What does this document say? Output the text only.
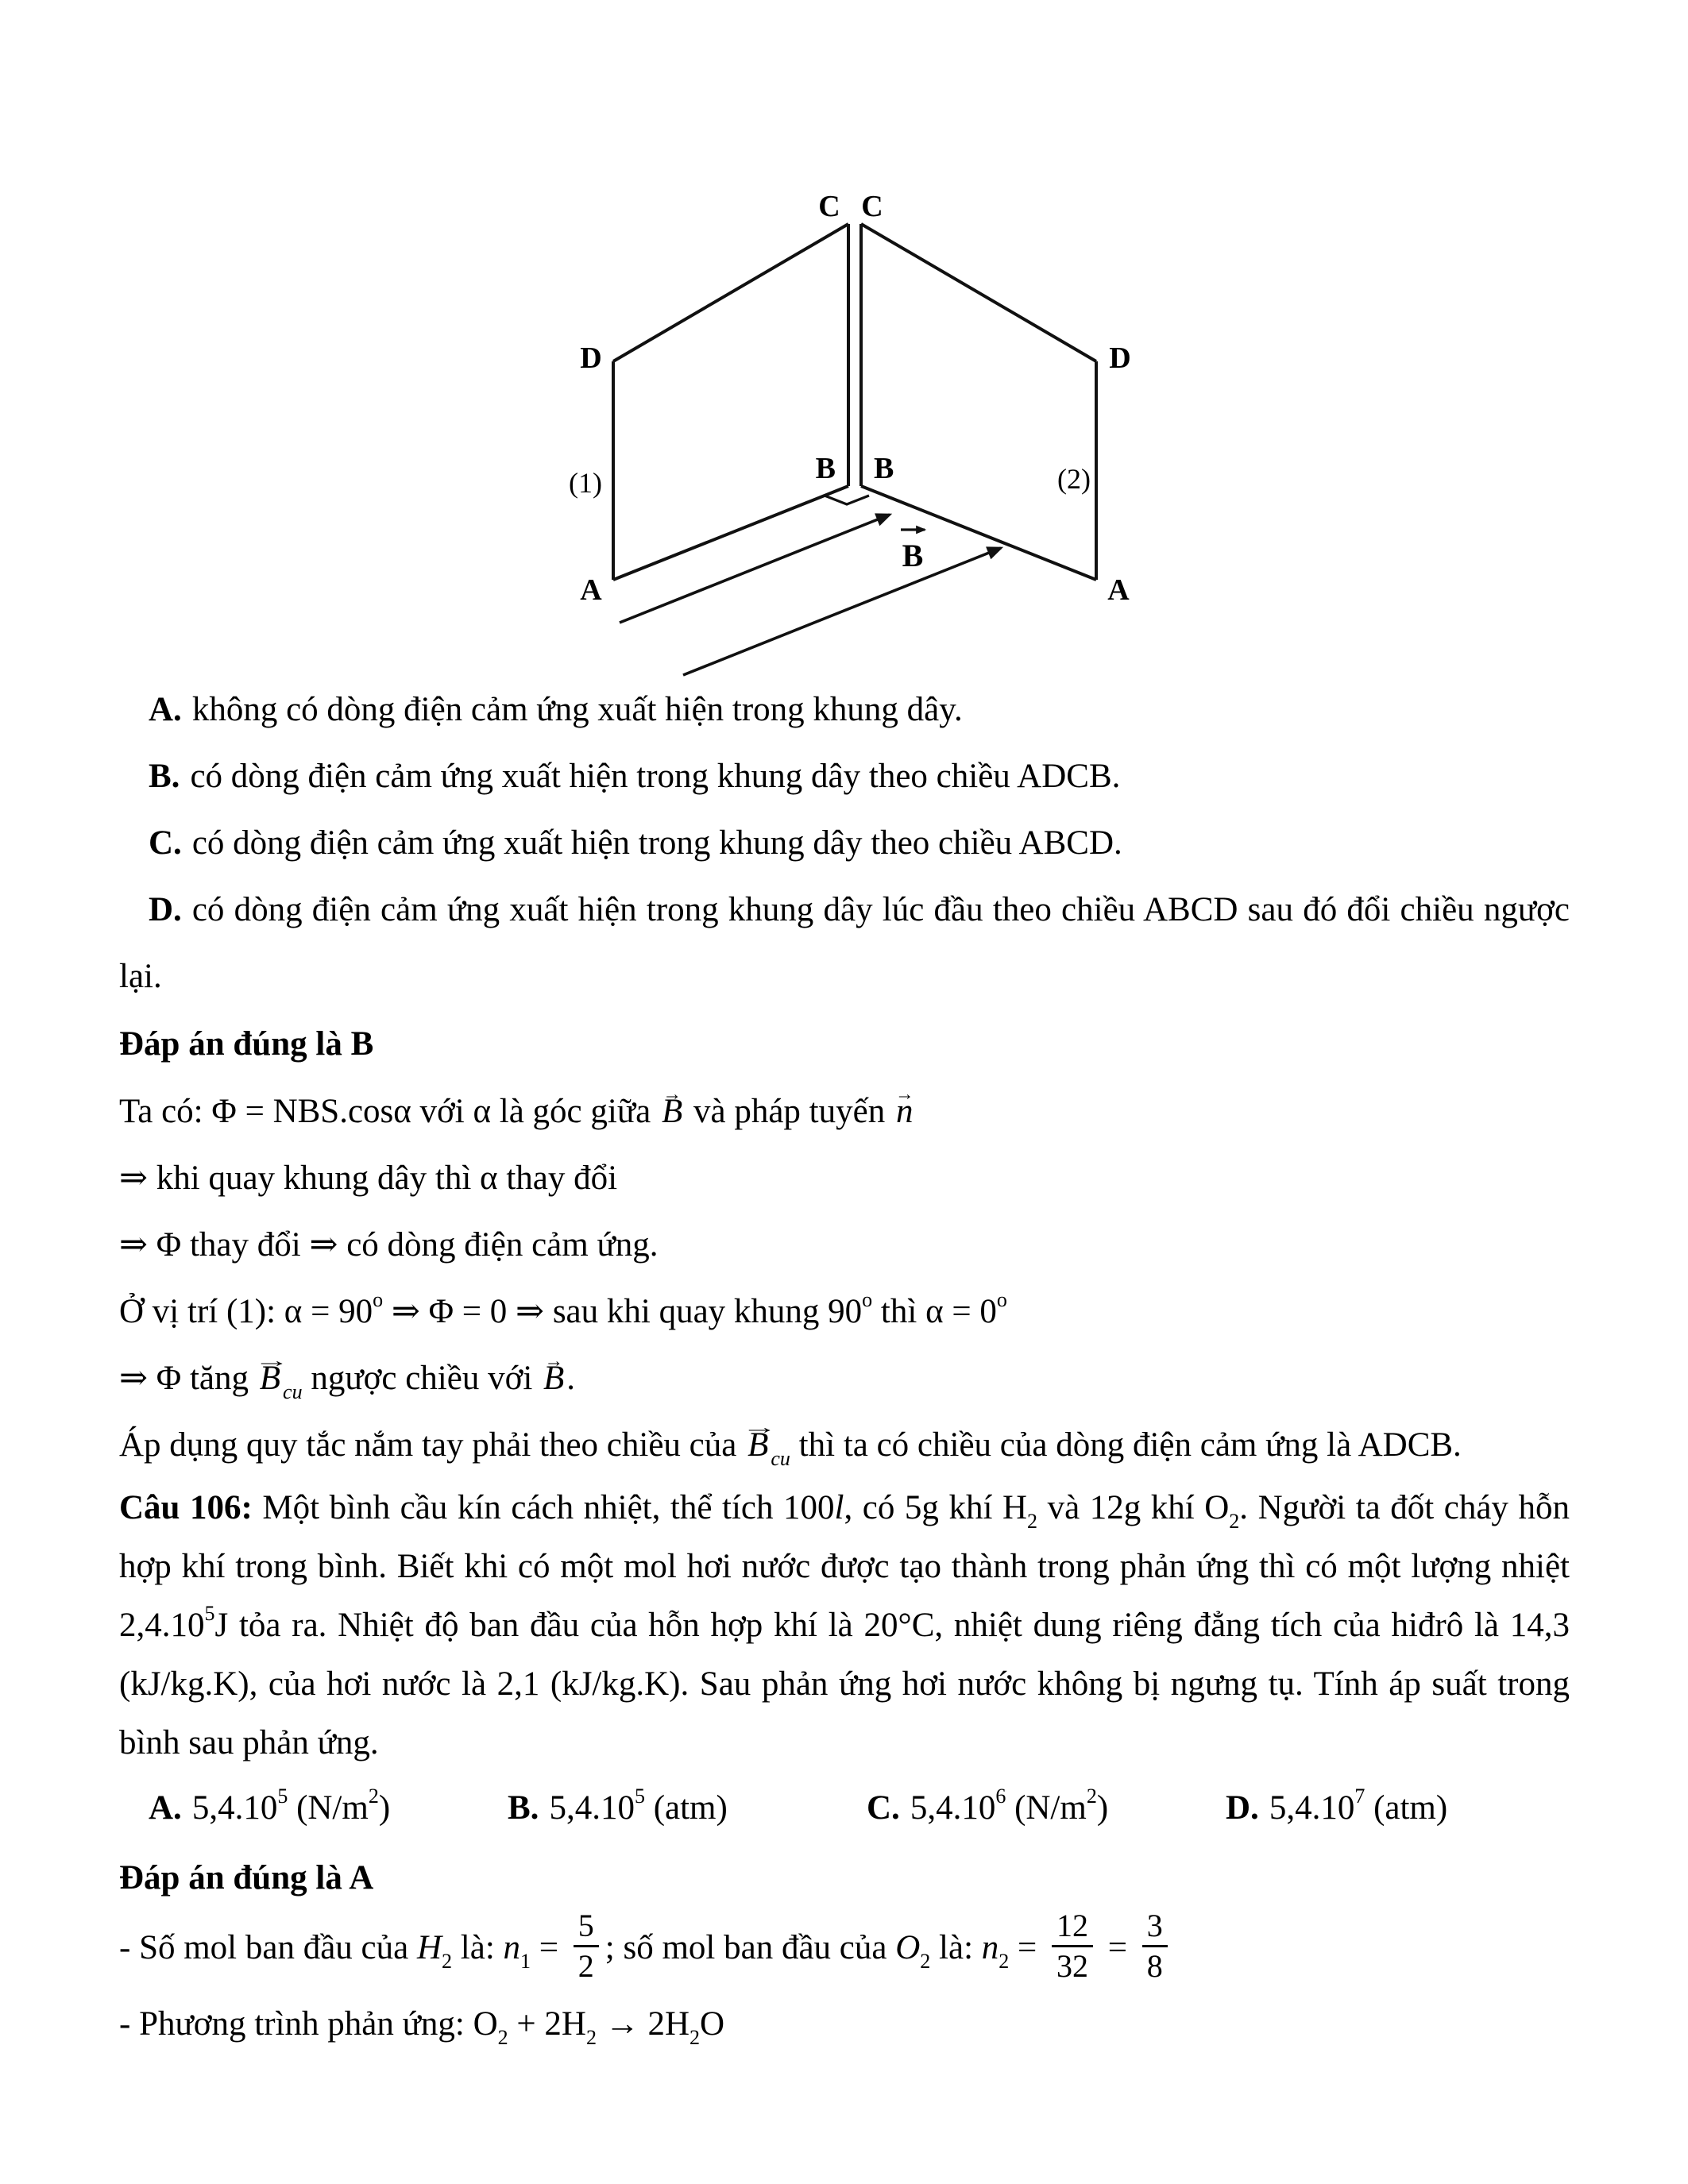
C C
D	D
B B
A	A
(1)	(2)
B

A. không có dòng điện cảm ứng xuất hiện trong khung dây.

B. có dòng điện cảm ứng xuất hiện trong khung dây theo chiều ADCB.

C. có dòng điện cảm ứng xuất hiện trong khung dây theo chiều ABCD.

D. có dòng điện cảm ứng xuất hiện trong khung dây lúc đầu theo chiều ABCD sau đó đổi chiều ngược lại.

Đáp án đúng là B

Ta có: Φ = NBS.cosα với α là góc giữa → B và pháp tuyến → n

⇒ khi quay khung dây thì α thay đổi

⇒ Φ thay đổi ⇒ có dòng điện cảm ứng.

Ở vị trí (1): $\alpha = 90^o$ ⇒ Φ = 0 ⇒ sau khi quay khung 90$^o$ thì $\alpha = 0^o$

⇒ Φ tăng → B $_{cu}$ ngược chiều với → B.

Áp dụng quy tắc nắm tay phải theo chiều của → B $_{cu}$ thì ta có chiều của dòng điện cảm ứng là ADCB.

Câu 106: Một bình cầu kín cách nhiệt, thể tích 100l, có 5g khí $H_2$ và 12g khí $O_2$. Người ta đốt cháy hỗn hợp khí trong bình. Biết khi có một mol hơi nước được tạo thành trong phản ứng thì có một lượng nhiệt 2,4.10$^5$J tỏa ra. Nhiệt độ ban đầu của hỗn hợp khí là 20°C, nhiệt dung riêng đẳng tích của hiđrô là 14,3 (kJ/kg.K), của hơi nước là 2,1 (kJ/kg.K). Sau phản ứng hơi nước không bị ngưng tụ. Tính áp suất trong bình sau phản ứng.

A. 5,4.10$^5$ $(N/m^2)$	B. 5,4.10$^5$ (atm)	C. 5,4.10$^6$ $(N/m^2)$	D. 5,4.10$^7$ (atm)

Đáp án đúng là A

- Số mol ban đầu của $H_2$ là: $n_1 = \frac{5}{2}$ ; số mol ban đầu của $O_2$ là: $n_2 = \frac{12}{32} = \frac{3}{8}$

- Phương trình phản ứng: $O_2 + 2H_2 \to 2H_2O$
